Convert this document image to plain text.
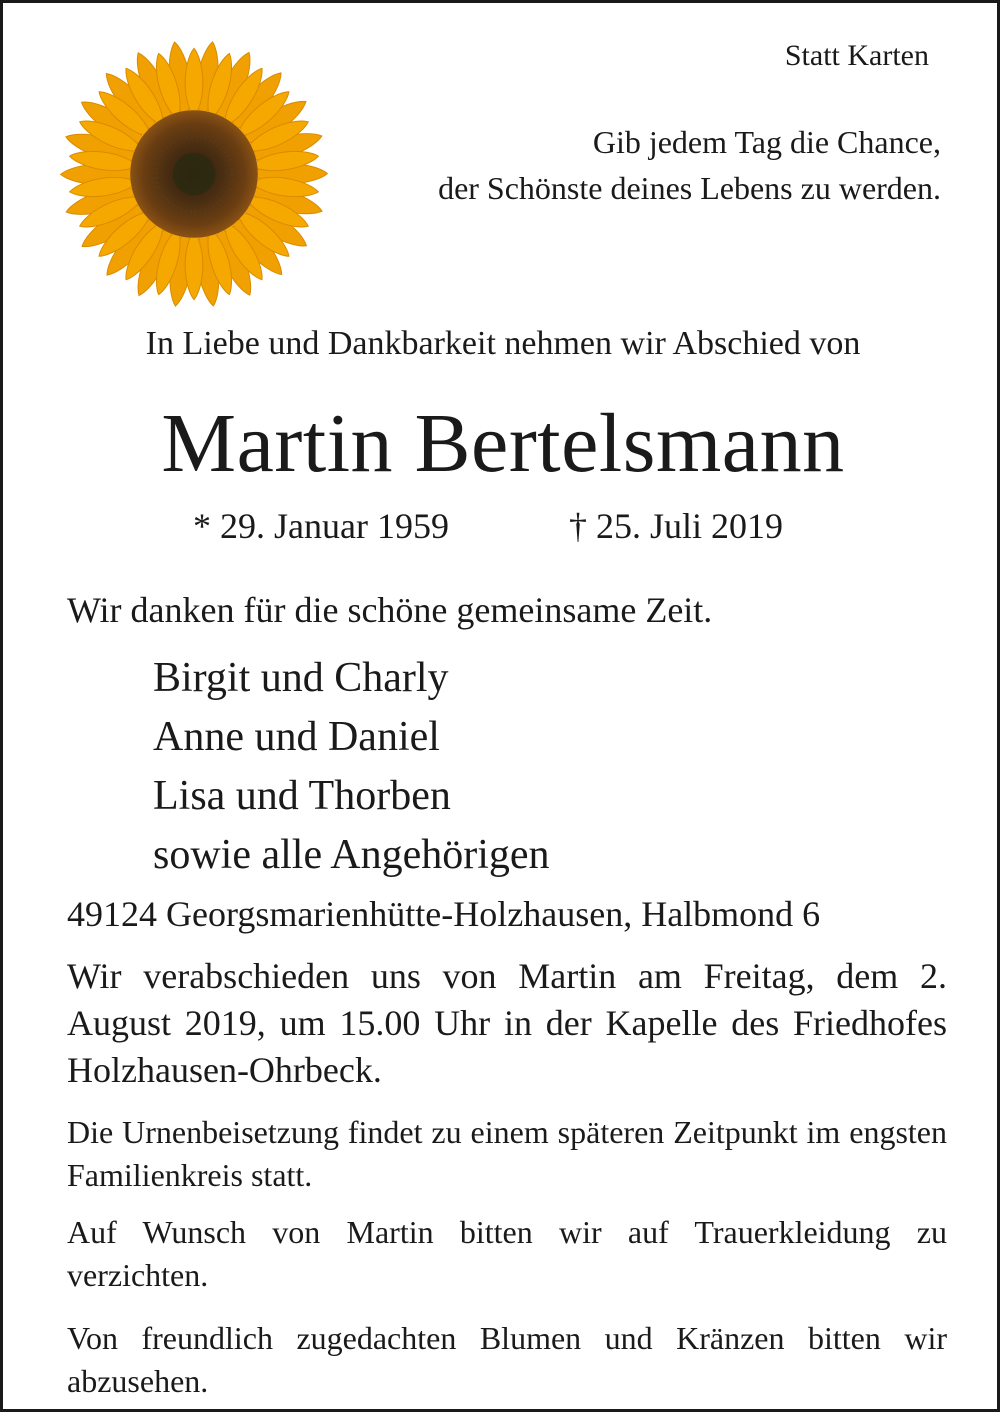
Statt Karten
Gib jedem Tag die Chance,
der Schönste deines Lebens zu werden.
In Liebe und Dankbarkeit nehmen wir Abschied von
Martin Bertelsmann
* 29. Januar 1959	† 25. Juli 2019
Wir danken für die schöne gemeinsame Zeit.
Birgit und Charly
Anne und Daniel
Lisa und Thorben
sowie alle Angehörigen
49124 Georgsmarienhütte-Holzhausen, Halbmond 6
Wir verabschieden uns von Martin am Freitag, dem 2. August 2019, um 15.00 Uhr in der Kapelle des Friedhofes Holzhausen-Ohrbeck.
Die Urnenbeisetzung findet zu einem späteren Zeitpunkt im engsten Familienkreis statt.
Auf Wunsch von Martin bitten wir auf Trauerkleidung zu verzichten.
Von freundlich zugedachten Blumen und Kränzen bitten wir abzusehen.
